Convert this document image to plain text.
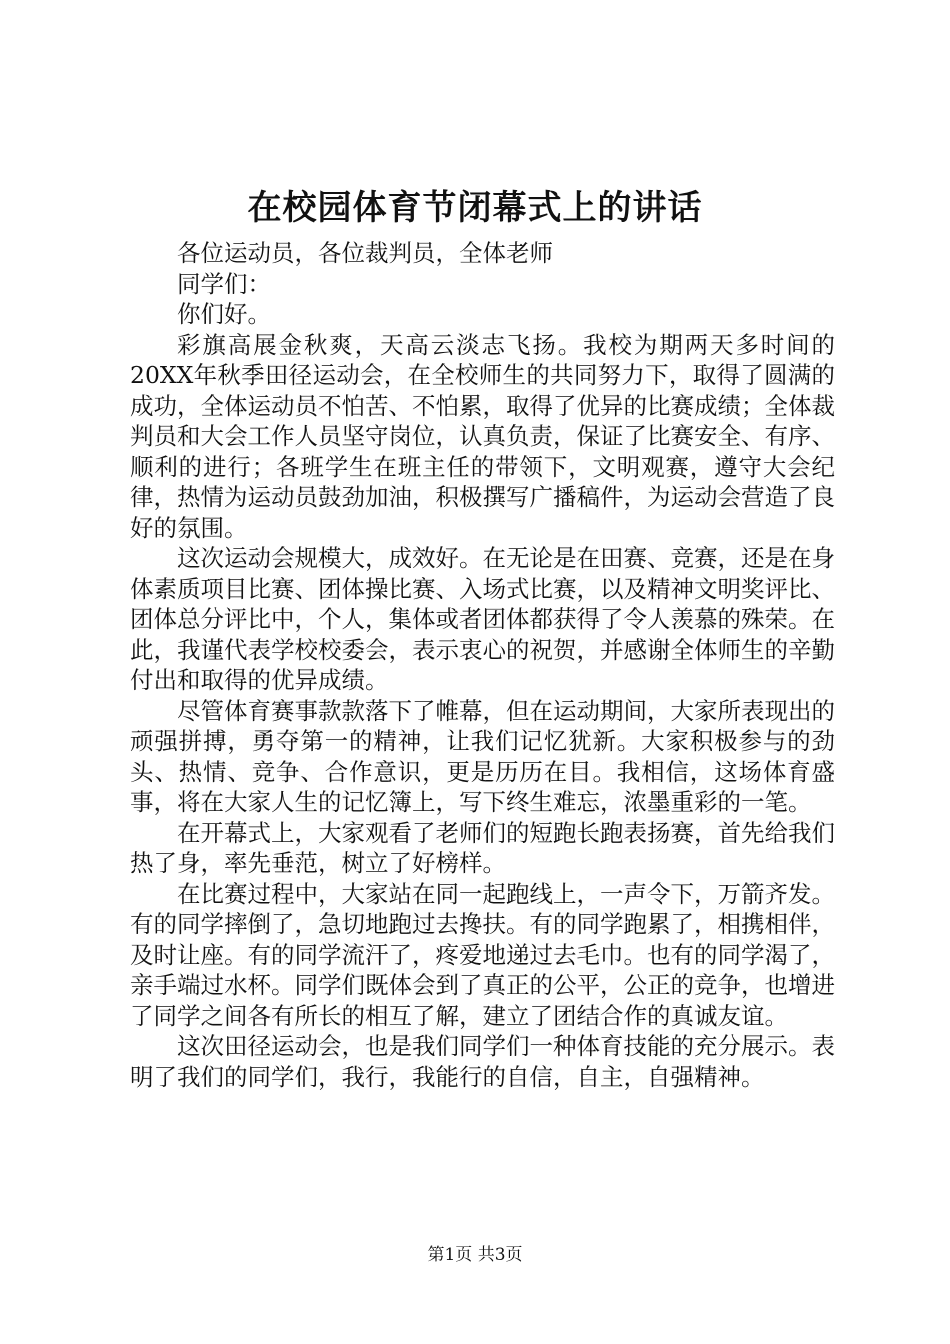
在校园体育节闭幕式上的讲话

各位运动员，各位裁判员，全体老师

同学们：

你们好。

彩旗高展金秋爽，天高云淡志飞扬。我校为期两天多时间的20XX年秋季田径运动会，在全校师生的共同努力下，取得了圆满的成功，全体运动员不怕苦、不怕累，取得了优异的比赛成绩；全体裁判员和大会工作人员坚守岗位，认真负责，保证了比赛安全、有序、顺利的进行；各班学生在班主任的带领下，文明观赛，遵守大会纪律，热情为运动员鼓劲加油，积极撰写广播稿件，为运动会营造了良好的氛围。

这次运动会规模大，成效好。在无论是在田赛、竞赛，还是在身体素质项目比赛、团体操比赛、入场式比赛，以及精神文明奖评比、团体总分评比中，个人，集体或者团体都获得了令人羡慕的殊荣。在此，我谨代表学校校委会，表示衷心的祝贺，并感谢全体师生的辛勤付出和取得的优异成绩。

尽管体育赛事款款落下了帷幕，但在运动期间，大家所表现出的顽强拼搏，勇夺第一的精神，让我们记忆犹新。大家积极参与的劲头、热情、竞争、合作意识，更是历历在目。我相信，这场体育盛事，将在大家人生的记忆簿上，写下终生难忘，浓墨重彩的一笔。

在开幕式上，大家观看了老师们的短跑长跑表扬赛，首先给我们热了身，率先垂范，树立了好榜样。

在比赛过程中，大家站在同一起跑线上，一声令下，万箭齐发。有的同学摔倒了，急切地跑过去搀扶。有的同学跑累了，相携相伴，及时让座。有的同学流汗了，疼爱地递过去毛巾。也有的同学渴了，亲手端过水杯。同学们既体会到了真正的公平，公正的竞争，也增进了同学之间各有所长的相互了解，建立了团结合作的真诚友谊。

这次田径运动会，也是我们同学们一种体育技能的充分展示。表明了我们的同学们，我行，我能行的自信，自主，自强精神。

第1页 共3页
